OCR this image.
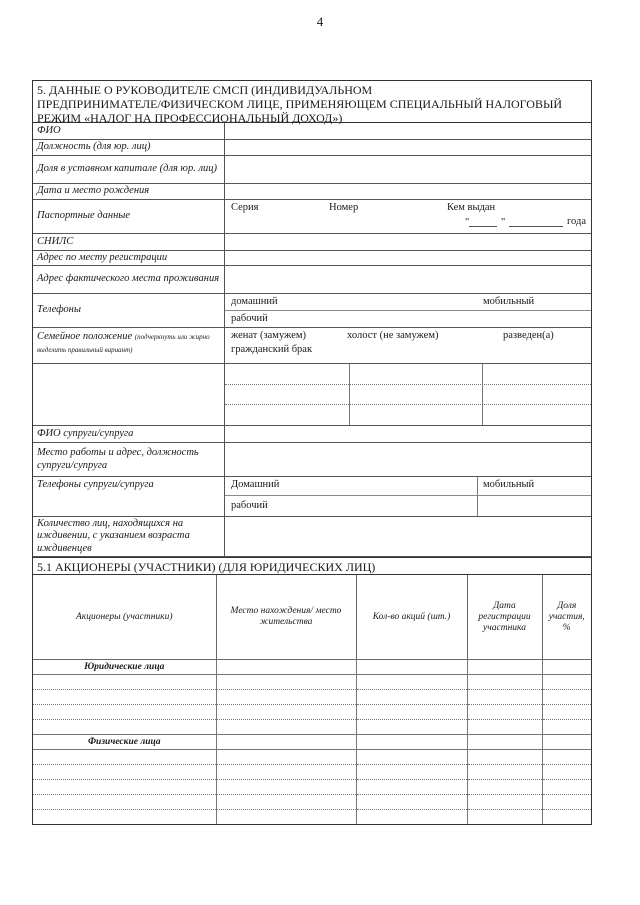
4
5. ДАННЫЕ О РУКОВОДИТЕЛЕ СМСП (ИНДИВИДУАЛЬНОМ
ПРЕДПРИНИМАТЕЛЕ/ФИЗИЧЕСКОМ ЛИЦЕ, ПРИМЕНЯЮЩЕМ СПЕЦИАЛЬНЫЙ НАЛОГОВЫЙ
РЕЖИМ «НАЛОГ НА ПРОФЕССИОНАЛЬНЫЙ ДОХОД»)
ФИО
Должность (для юр. лиц)
Доля в уставном капитале (для юр. лиц)
Дата и место рождения
Паспортные данные
Серия	Номер	Кем выдан
"	"	года
СНИЛС
Адрес по месту регистрации
Адрес фактического места проживания
Телефоны
домашний	мобильный
рабочий
Семейное положение (подчеркнуть или жирно выделить правильный вариант)
женат (замужем)	холост (не замужем)	разведен(а)
гражданский брак
ФИО супруги/супруга
Место работы и адрес, должность супруги/супруга
Телефоны супруги/супруга	Домашний	мобильный
рабочий
Количество лиц, находящихся на иждивении, с указанием возраста иждивенцев
5.1 АКЦИОНЕРЫ (УЧАСТНИКИ) (ДЛЯ ЮРИДИЧЕСКИХ ЛИЦ)
Акционеры (участники)	Место нахождения/ место жительства	Кол-во акций (шт.)	Дата регистрации участника	Доля участия, %
Юридические лица				

Физические лица				
